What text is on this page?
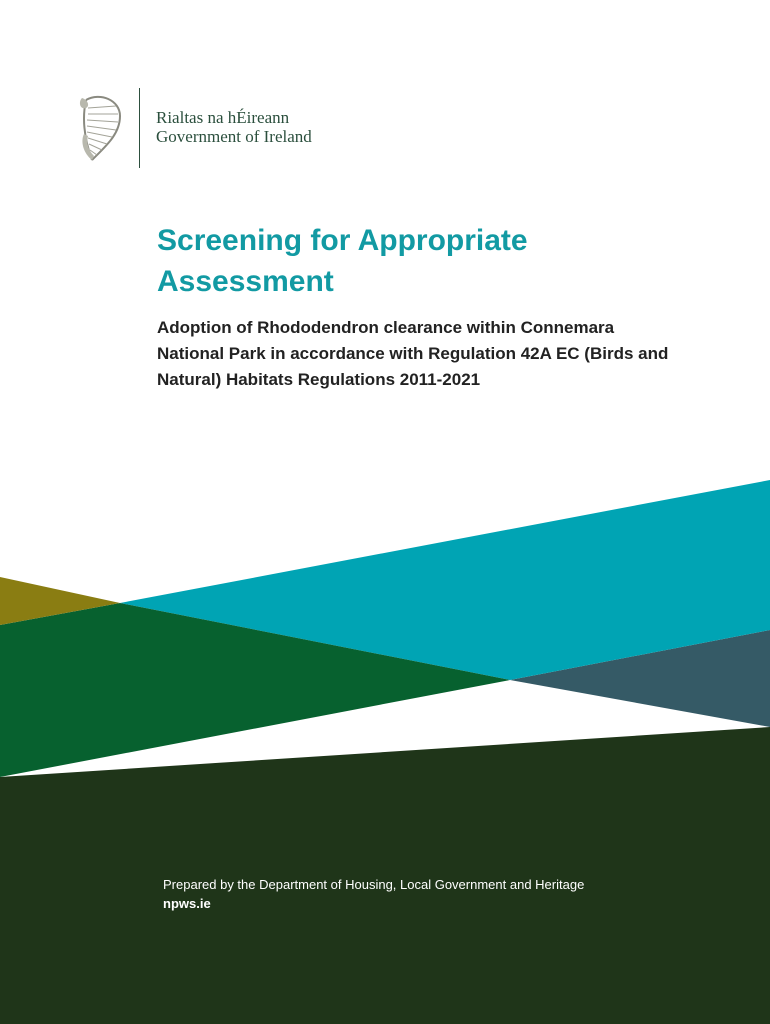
Rialtas na hÉireann
Government of Ireland
Screening for Appropriate Assessment

Adoption of Rhododendron clearance within Connemara National Park in accordance with Regulation 42A EC (Birds and Natural) Habitats Regulations 2011-2021

Prepared by the Department of Housing, Local Government and Heritage
npws.ie
